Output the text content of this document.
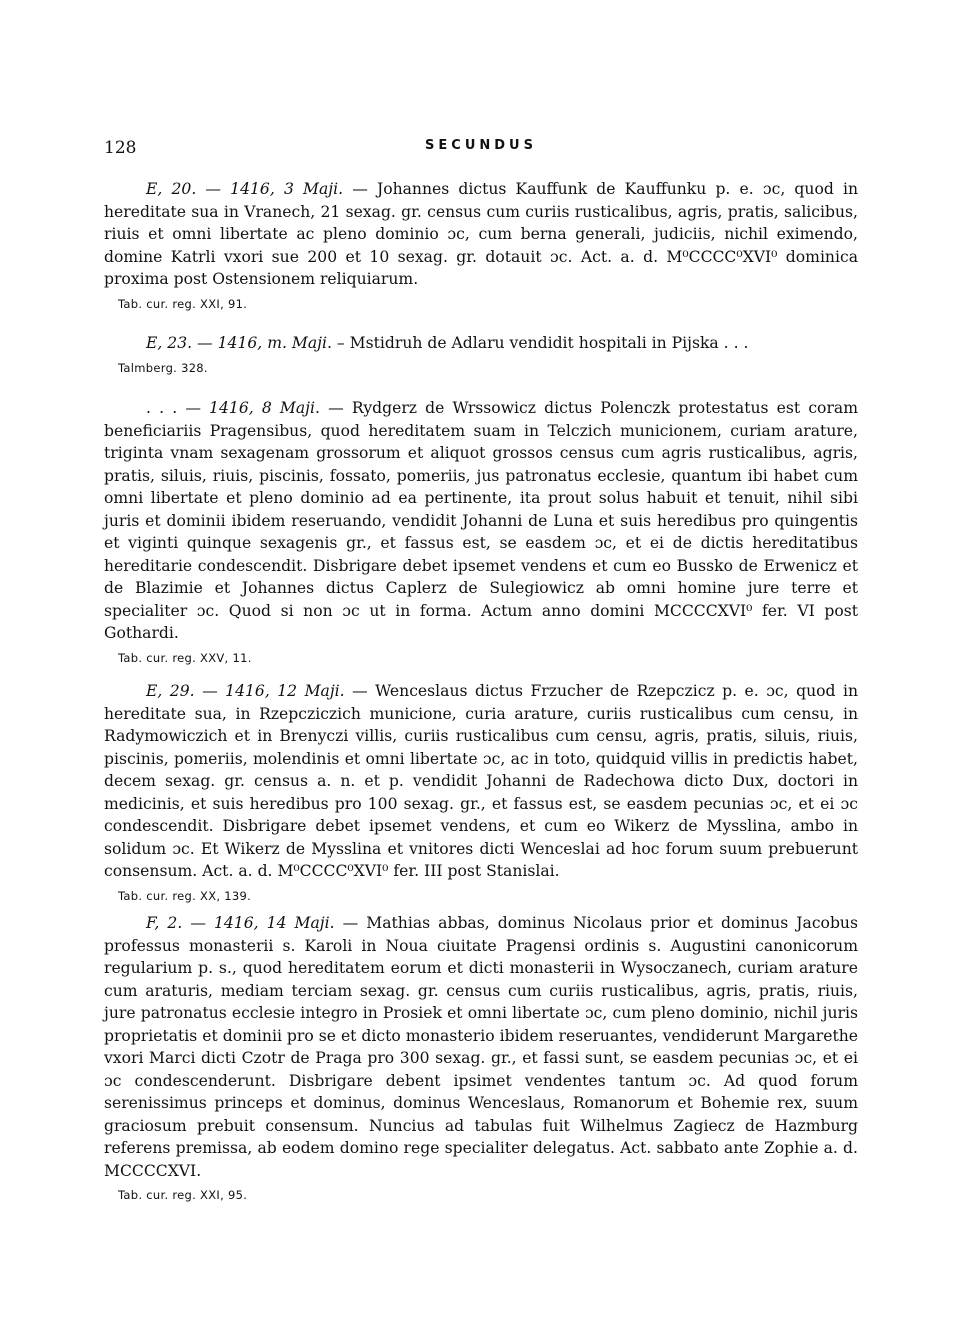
128	SECUNDUS

E, 20. — 1416, 3 Maji. — Johannes dictus Kauffunk de Kauffunku p. e. ɔc, quod in hereditate sua in Vranech, 21 sexag. gr. census cum curiis rusticalibus, agris, pratis, salicibus, riuis et omni libertate ac pleno dominio ɔc, cum berna generali, judiciis, nichil eximendo, domine Katrli vxori sue 200 et 10 sexag. gr. dotauit ɔc. Act. a. d. M⁰CCCC⁰XVI⁰ dominica proxima post Ostensionem reliquiarum.

Tab. cur. reg. XXI, 91.

E, 23. — 1416, m. Maji. – Mstidruh de Adlaru vendidit hospitali in Pijska . . .

Talmberg. 328.

. . . — 1416, 8 Maji. — Rydgerz de Wrssowicz dictus Polenczk protestatus est coram beneficiariis Pragensibus, quod hereditatem suam in Telczich municionem, curiam arature, triginta vnam sexagenam grossorum et aliquot grossos census cum agris rusticalibus, agris, pratis, siluis, riuis, piscinis, fossato, pomeriis, jus patronatus ecclesie, quantum ibi habet cum omni libertate et pleno dominio ad ea pertinente, ita prout solus habuit et tenuit, nihil sibi juris et dominii ibidem reseruando, vendidit Johanni de Luna et suis heredibus pro quingentis et viginti quinque sexagenis gr., et fassus est, se easdem ɔc, et ei de dictis hereditatibus hereditarie condescendit. Disbrigare debet ipsemet vendens et cum eo Bussko de Erwenicz et de Blazimie et Johannes dictus Caplerz de Sulegiowicz ab omni homine jure terre et specialiter ɔc. Quod si non ɔc ut in forma. Actum anno domini MCCCCXVI⁰ fer. VI post Gothardi.

Tab. cur. reg. XXV, 11.

E, 29. — 1416, 12 Maji. — Wenceslaus dictus Frzucher de Rzepczicz p. e. ɔc, quod in hereditate sua, in Rzepcziczich municione, curia arature, curiis rusticalibus cum censu, in Radymowiczich et in Brenyczi villis, curiis rusticalibus cum censu, agris, pratis, siluis, riuis, piscinis, pomeriis, molendinis et omni libertate ɔc, ac in toto, quidquid villis in predictis habet, decem sexag. gr. census a. n. et p. vendidit Johanni de Radechowa dicto Dux, doctori in medicinis, et suis heredibus pro 100 sexag. gr., et fassus est, se easdem pecunias ɔc, et ei ɔc condescendit. Disbrigare debet ipsemet vendens, et cum eo Wikerz de Mysslina, ambo in solidum ɔc. Et Wikerz de Mysslina et vnitores dicti Wenceslai ad hoc forum suum prebuerunt consensum. Act. a. d. M⁰CCCC⁰XVI⁰ fer. III post Stanislai.

Tab. cur. reg. XX, 139.

F, 2. — 1416, 14 Maji. — Mathias abbas, dominus Nicolaus prior et dominus Jacobus professus monasterii s. Karoli in Noua ciuitate Pragensi ordinis s. Augustini canonicorum regularium p. s., quod hereditatem eorum et dicti monasterii in Wysoczanech, curiam arature cum araturis, mediam terciam sexag. gr. census cum curiis rusticalibus, agris, pratis, riuis, jure patronatus ecclesie integro in Prosiek et omni libertate ɔc, cum pleno dominio, nichil juris proprietatis et dominii pro se et dicto monasterio ibidem reseruantes, vendiderunt Margarethe vxori Marci dicti Czotr de Praga pro 300 sexag. gr., et fassi sunt, se easdem pecunias ɔc, et ei ɔc condescenderunt. Disbrigare debent ipsimet vendentes tantum ɔc. Ad quod forum serenissimus princeps et dominus, dominus Wenceslaus, Romanorum et Bohemie rex, suum graciosum prebuit consensum. Nuncius ad tabulas fuit Wilhelmus Zagiecz de Hazmburg referens premissa, ab eodem domino rege specialiter delegatus. Act. sabbato ante Zophie a. d. MCCCCXVI.

Tab. cur. reg. XXI, 95.
